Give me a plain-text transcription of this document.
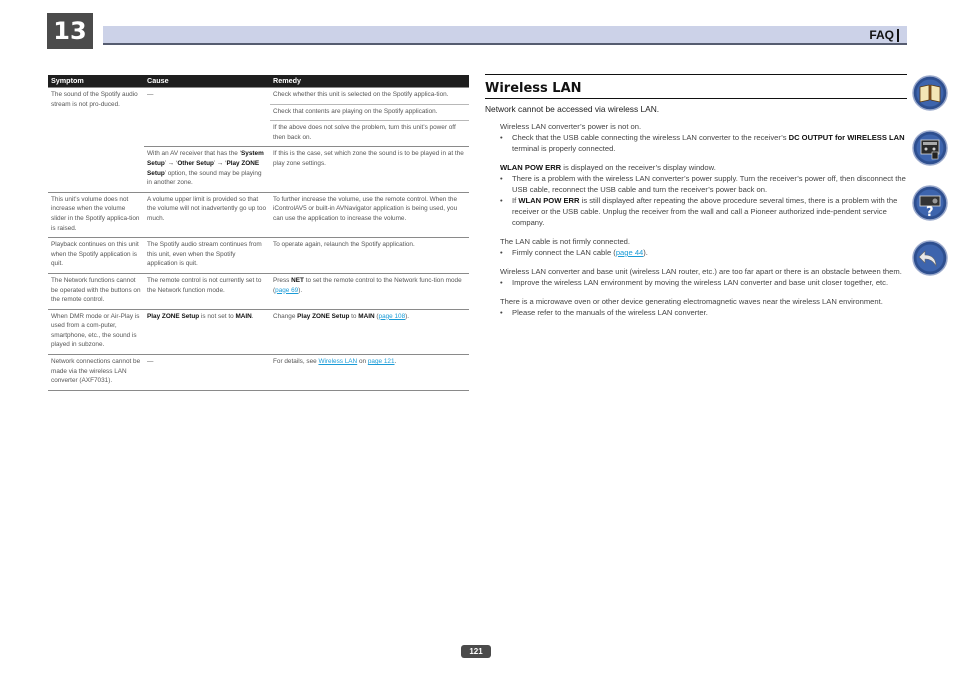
13	FAQ
Symptom	Cause	Remedy
The sound of the Spotify audio stream is not pro-duced.	—	Check whether this unit is selected on the Spotify applica-tion.
		Check that contents are playing on the Spotify application.
		If the above does not solve the problem, turn this unit’s power off then back on.
	With an AV receiver that has the ‘System Setup’ → ‘Other Setup’ → ‘Play ZONE Setup’ option, the sound may be playing in another zone.	If this is the case, set which zone the sound is to be played in at the play zone settings.
This unit’s volume does not increase when the volume slider in the Spotify applica-tion is raised.	A volume upper limit is provided so that the volume will not inadvertently go up too much.	To further increase the volume, use the remote control. When the iControlAV5 or built-in AVNavigator application is being used, you can use the application to increase the volume.
Playback continues on this unit when the Spotify application is quit.	The Spotify audio stream continues from this unit, even when the Spotify application is quit.	To operate again, relaunch the Spotify application.
The Network functions cannot be operated with the buttons on the remote control.	The remote control is not currently set to the Network function mode.	Press NET to set the remote control to the Network func-tion mode (page 69).
When DMR mode or Air-Play is used from a com-puter, smartphone, etc., the sound is played in subzone.	Play ZONE Setup is not set to MAIN.	Change Play ZONE Setup to MAIN (page 108).
Network connections cannot be made via the wireless LAN converter (AXF7031).	—	For details, see Wireless LAN on page 121.
Wireless LAN
Network cannot be accessed via wireless LAN.
Wireless LAN converter’s power is not on.
• Check that the USB cable connecting the wireless LAN converter to the receiver’s DC OUTPUT for WIRELESS LAN terminal is properly connected.
WLAN POW ERR is displayed on the receiver’s display window.
• There is a problem with the wireless LAN converter’s power supply. Turn the receiver’s power off, then disconnect the USB cable, reconnect the USB cable and turn the receiver’s power back on.
• If WLAN POW ERR is still displayed after repeating the above procedure several times, there is a problem with the receiver or the USB cable. Unplug the receiver from the wall and call a Pioneer authorized inde-pendent service company.
The LAN cable is not firmly connected.
• Firmly connect the LAN cable (page 44).
Wireless LAN converter and base unit (wireless LAN router, etc.) are too far apart or there is an obstacle between them.
• Improve the wireless LAN environment by moving the wireless LAN converter and base unit closer together, etc.
There is a microwave oven or other device generating electromagnetic waves near the wireless LAN environment.
• Please refer to the manuals of the wireless LAN converter.
?
121
